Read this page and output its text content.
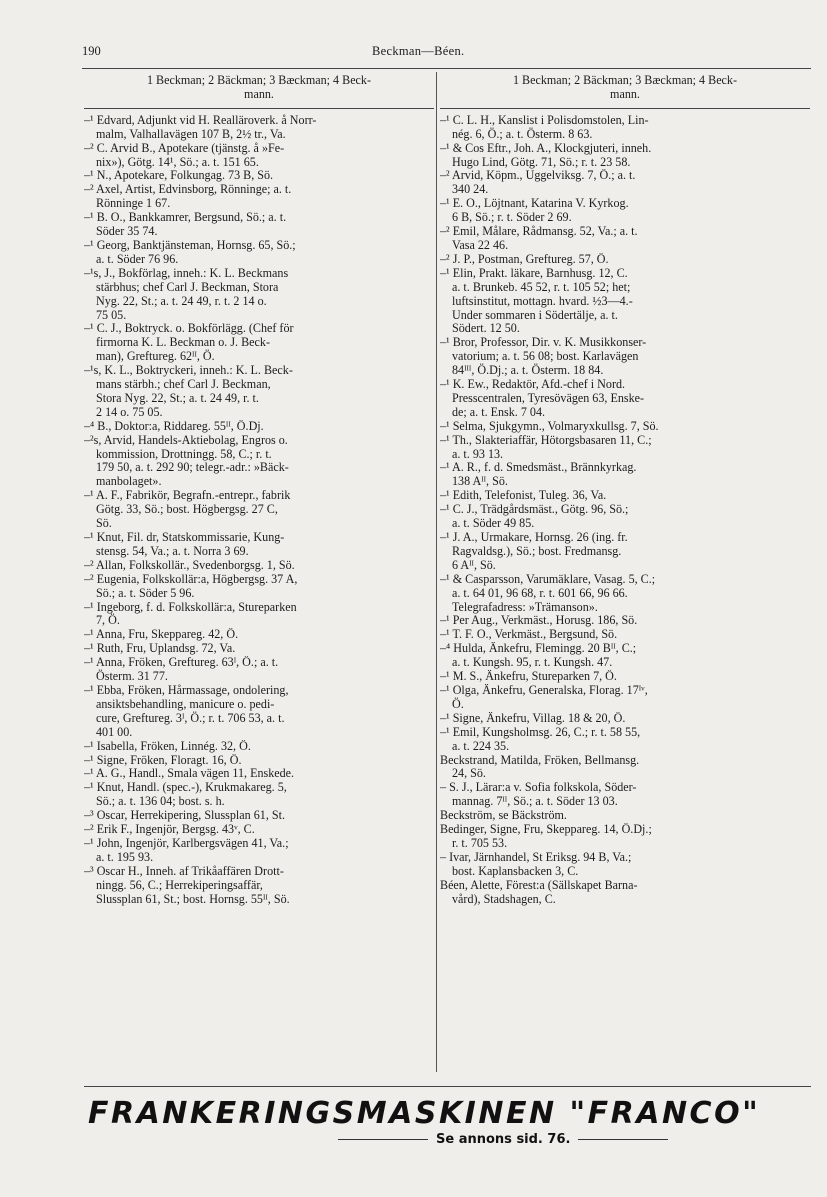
190	Beckman—Béen.
1 Beckman; 2 Bäckman; 3 Bæckman; 4 Beck-
mann.
–¹ Edvard, Adjunkt vid H. Realläroverk. å Norr-
malm, Valhallavägen 107 B, 2½ tr., Va.
–² C. Arvid B., Apotekare (tjänstg. å »Fe-
nix»), Götg. 14¹, Sö.; a. t. 151 65.
–¹ N., Apotekare, Folkungag. 73 B, Sö.
–² Axel, Artist, Edvinsborg, Rönninge; a. t.
Rönninge 1 67.
–¹ B. O., Bankkamrer, Bergsund, Sö.; a. t.
Söder 35 74.
–¹ Georg, Banktjänsteman, Hornsg. 65, Sö.;
a. t. Söder 76 96.
–¹s, J., Bokförlag, inneh.: K. L. Beckmans
stärbhus; chef Carl J. Beckman, Stora
Nyg. 22, St.; a. t. 24 49, r. t. 2 14 o.
75 05.
–¹ C. J., Boktryck. o. Bokförlägg. (Chef för
firmorna K. L. Beckman o. J. Beck-
man), Greftureg. 62ᴵᴵ, Ö.
–¹s, K. L., Boktryckeri, inneh.: K. L. Beck-
mans stärbh.; chef Carl J. Beckman,
Stora Nyg. 22, St.; a. t. 24 49, r. t.
2 14 o. 75 05.
–⁴ B., Doktor:a, Riddareg. 55ᴵᴵ, Ö.Dj.
–²s, Arvid, Handels-Aktiebolag, Engros o.
kommission, Drottningg. 58, C.; r. t.
179 50, a. t. 292 90; telegr.-adr.: »Bäck-
manbolaget».
–¹ A. F., Fabrikör, Begrafn.-entrepr., fabrik
Götg. 33, Sö.; bost. Högbergsg. 27 C,
Sö.
–¹ Knut, Fil. dr, Statskommissarie, Kung-
stensg. 54, Va.; a. t. Norra 3 69.
–² Allan, Folkskollär., Svedenborgsg. 1, Sö.
–² Eugenia, Folkskollär:a, Högbergsg. 37 A,
Sö.; a. t. Söder 5 96.
–¹ Ingeborg, f. d. Folkskollär:a, Stureparken
7, Ö.
–¹ Anna, Fru, Skeppareg. 42, Ö.
–¹ Ruth, Fru, Uplandsg. 72, Va.
–¹ Anna, Fröken, Greftureg. 63ᴵ, Ö.; a. t.
Österm. 31 77.
–¹ Ebba, Fröken, Hårmassage, ondolering,
ansiktsbehandling, manicure o. pedi-
cure, Greftureg. 3ᴵ, Ö.; r. t. 706 53, a. t.
401 00.
–¹ Isabella, Fröken, Linnég. 32, Ö.
–¹ Signe, Fröken, Floragt. 16, Ö.
–¹ A. G., Handl., Smala vägen 11, Enskede.
–¹ Knut, Handl. (spec.-), Krukmakareg. 5,
Sö.; a. t. 136 04; bost. s. h.
–³ Oscar, Herrekipering, Slussplan 61, St.
–² Erik F., Ingenjör, Bergsg. 43ᵛ, C.
–¹ John, Ingenjör, Karlbergsvägen 41, Va.;
a. t. 195 93.
–³ Oscar H., Inneh. af Trikåaffären Drott-
ningg. 56, C.; Herrekiperingsaffär,
Slussplan 61, St.; bost. Hornsg. 55ᴵᴵ, Sö.
1 Beckman; 2 Bäckman; 3 Bæckman; 4 Beck-
mann.
–¹ C. L. H., Kanslist i Polisdomstolen, Lin-
nég. 6, Ö.; a. t. Österm. 8 63.
–¹ & Cos Eftr., Joh. A., Klockgjuteri, inneh.
Hugo Lind, Götg. 71, Sö.; r. t. 23 58.
–² Arvid, Köpm., Uggelviksg. 7, Ö.; a. t.
340 24.
–¹ E. O., Löjtnant, Katarina V. Kyrkog.
6 B, Sö.; r. t. Söder 2 69.
–² Emil, Målare, Rådmansg. 52, Va.; a. t.
Vasa 22 46.
–² J. P., Postman, Greftureg. 57, Ö.
–¹ Elin, Prakt. läkare, Barnhusg. 12, C.
a. t. Brunkeb. 45 52, r. t. 105 52; het;
luftsinstitut, mottagn. hvard. ½3—4.-
Under sommaren i Södertälje, a. t.
Södert. 12 50.
–¹ Bror, Professor, Dir. v. K. Musikkonser-
vatorium; a. t. 56 08; bost. Karlavägen
84ᴵᴵᴵ, Ö.Dj.; a. t. Österm. 18 84.
–¹ K. Ew., Redaktör, Afd.-chef i Nord.
Presscentralen, Tyresövägen 63, Enske-
de; a. t. Ensk. 7 04.
–¹ Selma, Sjukgymn., Volmaryxkullsg. 7, Sö.
–¹ Th., Slakteriaffär, Hötorgsbasaren 11, C.;
a. t. 93 13.
–¹ A. R., f. d. Smedsmäst., Brännkyrkag.
138 Aᴵᴵ, Sö.
–¹ Edith, Telefonist, Tuleg. 36, Va.
–¹ C. J., Trädgårdsmäst., Götg. 96, Sö.;
a. t. Söder 49 85.
–¹ J. A., Urmakare, Hornsg. 26 (ing. fr.
Ragvaldsg.), Sö.; bost. Fredmansg.
6 Aᴵᴵ, Sö.
–¹ & Casparsson, Varumäklare, Vasag. 5, C.;
a. t. 64 01, 96 68, r. t. 601 66, 96 66.
Telegrafadress: »Trämanson».
–¹ Per Aug., Verkmäst., Horusg. 186, Sö.
–¹ T. F. O., Verkmäst., Bergsund, Sö.
–⁴ Hulda, Änkefru, Flemingg. 20 Bᴵᴵ, C.;
a. t. Kungsh. 95, r. t. Kungsh. 47.
–¹ M. S., Änkefru, Stureparken 7, Ö.
–¹ Olga, Änkefru, Generalska, Florag. 17ᴵᵛ,
Ö.
–¹ Signe, Änkefru, Villag. 18 & 20, Ö.
–¹ Emil, Kungsholmsg. 26, C.; r. t. 58 55,
a. t. 224 35.
Beckstrand, Matilda, Fröken, Bellmansg.
24, Sö.
– S. J., Lärar:a v. Sofia folkskola, Söder-
mannag. 7ᴵᴵ, Sö.; a. t. Söder 13 03.
Beckström, se Bäckström.
Bedinger, Signe, Fru, Skeppareg. 14, Ö.Dj.;
r. t. 705 53.
– Ivar, Järnhandel, St Eriksg. 94 B, Va.;
bost. Kaplansbacken 3, C.
Béen, Alette, Förest:a (Sällskapet Barna-
vård), Stadshagen, C.
FRANKERINGSMASKINEN "FRANCO"
Se annons sid. 76.
